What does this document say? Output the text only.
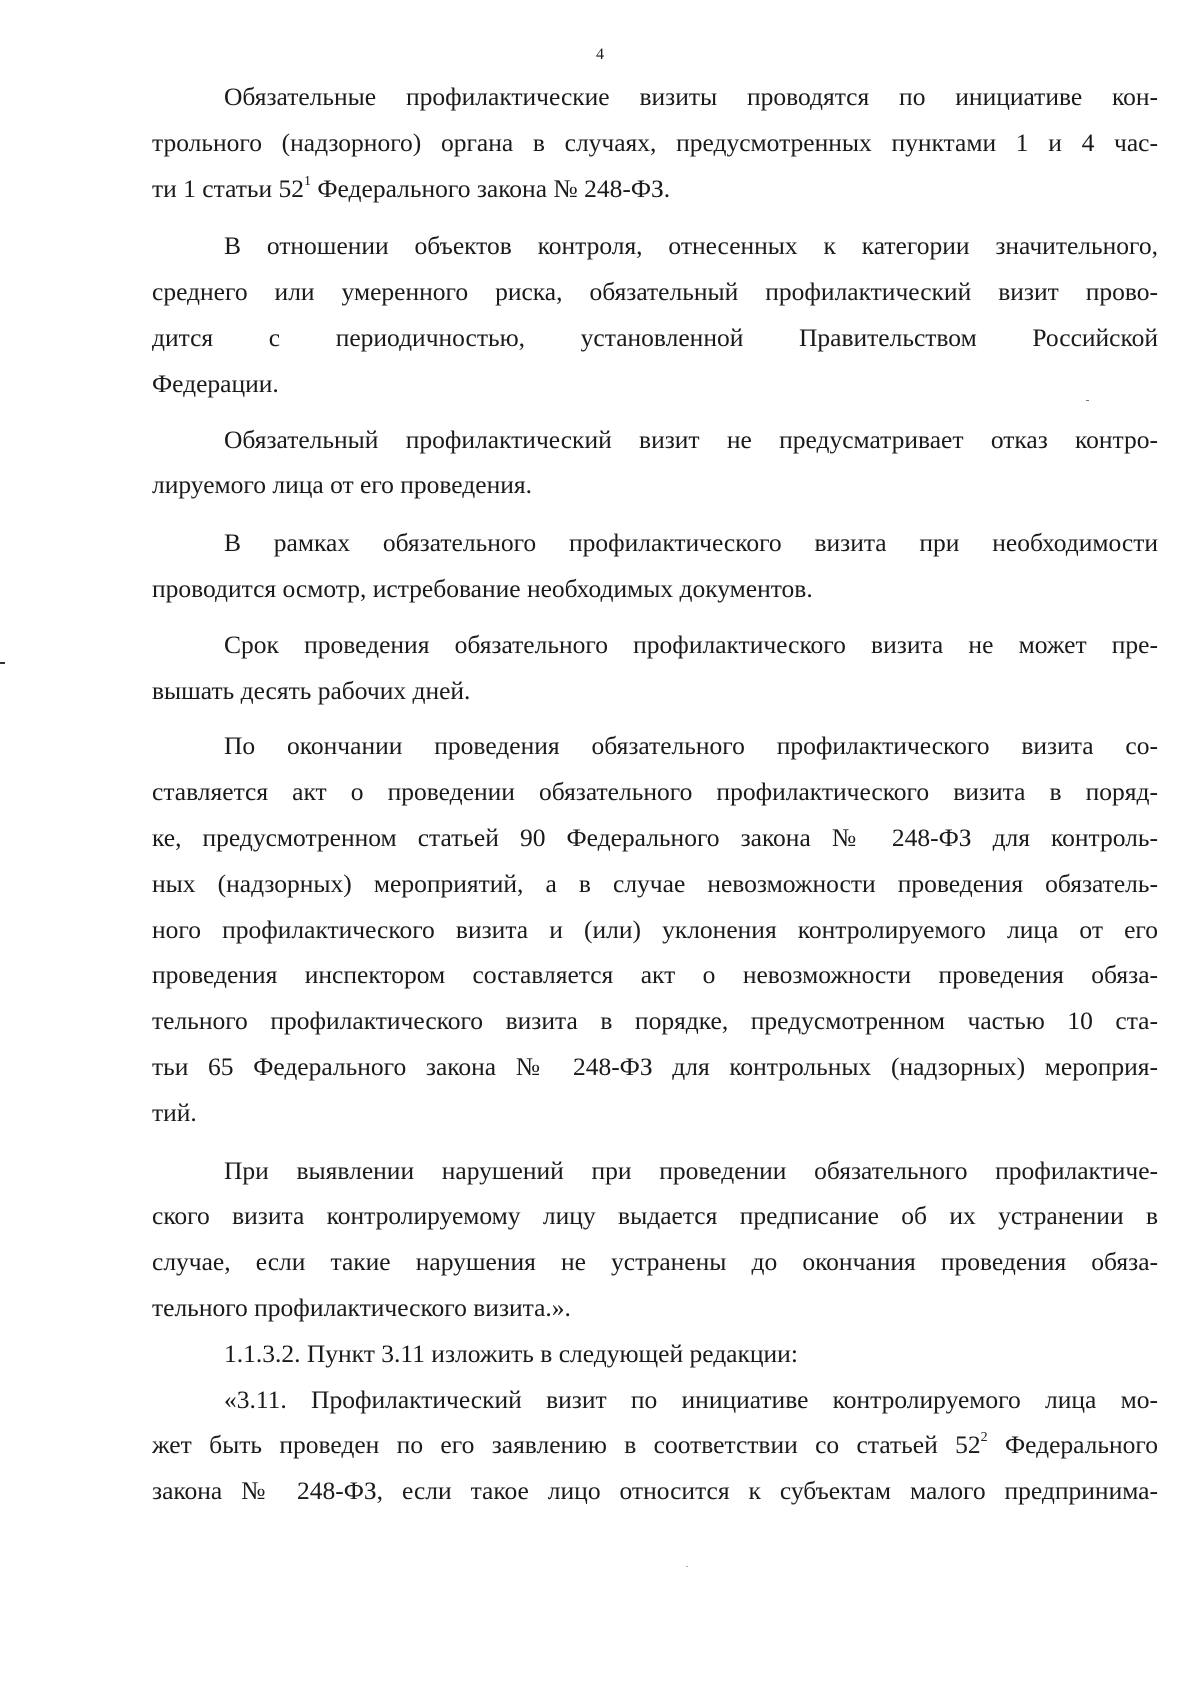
4
Обязательные профилактические визиты проводятся по инициативе кон-
трольного (надзорного) органа в случаях, предусмотренных пунктами 1 и 4 час-
ти 1 статьи $52^1$ Федерального закона № 248-ФЗ.
В отношении объектов контроля, отнесенных к категории значительного,
среднего или умеренного риска, обязательный профилактический визит прово-
дится с периодичностью, установленной Правительством Российской
Федерации.
Обязательный профилактический визит не предусматривает отказ контро-
лируемого лица от его проведения.
В рамках обязательного профилактического визита при необходимости
проводится осмотр, истребование необходимых документов.
Срок проведения обязательного профилактического визита не может пре-
вышать десять рабочих дней.
По окончании проведения обязательного профилактического визита со-
ставляется акт о проведении обязательного профилактического визита в поряд-
ке, предусмотренном статьей 90 Федерального закона № 248-ФЗ для контроль-
ных (надзорных) мероприятий, а в случае невозможности проведения обязатель-
ного профилактического визита и (или) уклонения контролируемого лица от его
проведения инспектором составляется акт о невозможности проведения обяза-
тельного профилактического визита в порядке, предусмотренном частью 10 ста-
тьи 65 Федерального закона № 248-ФЗ для контрольных (надзорных) мероприя-
тий.
При выявлении нарушений при проведении обязательного профилактиче-
ского визита контролируемому лицу выдается предписание об их устранении в
случае, если такие нарушения не устранены до окончания проведения обяза-
тельного профилактического визита.».
1.1.3.2. Пункт 3.11 изложить в следующей редакции:
«3.11. Профилактический визит по инициативе контролируемого лица мо-
жет быть проведен по его заявлению в соответствии со статьей $52^2$ Федерального
закона № 248-ФЗ, если такое лицо относится к субъектам малого предпринима-
